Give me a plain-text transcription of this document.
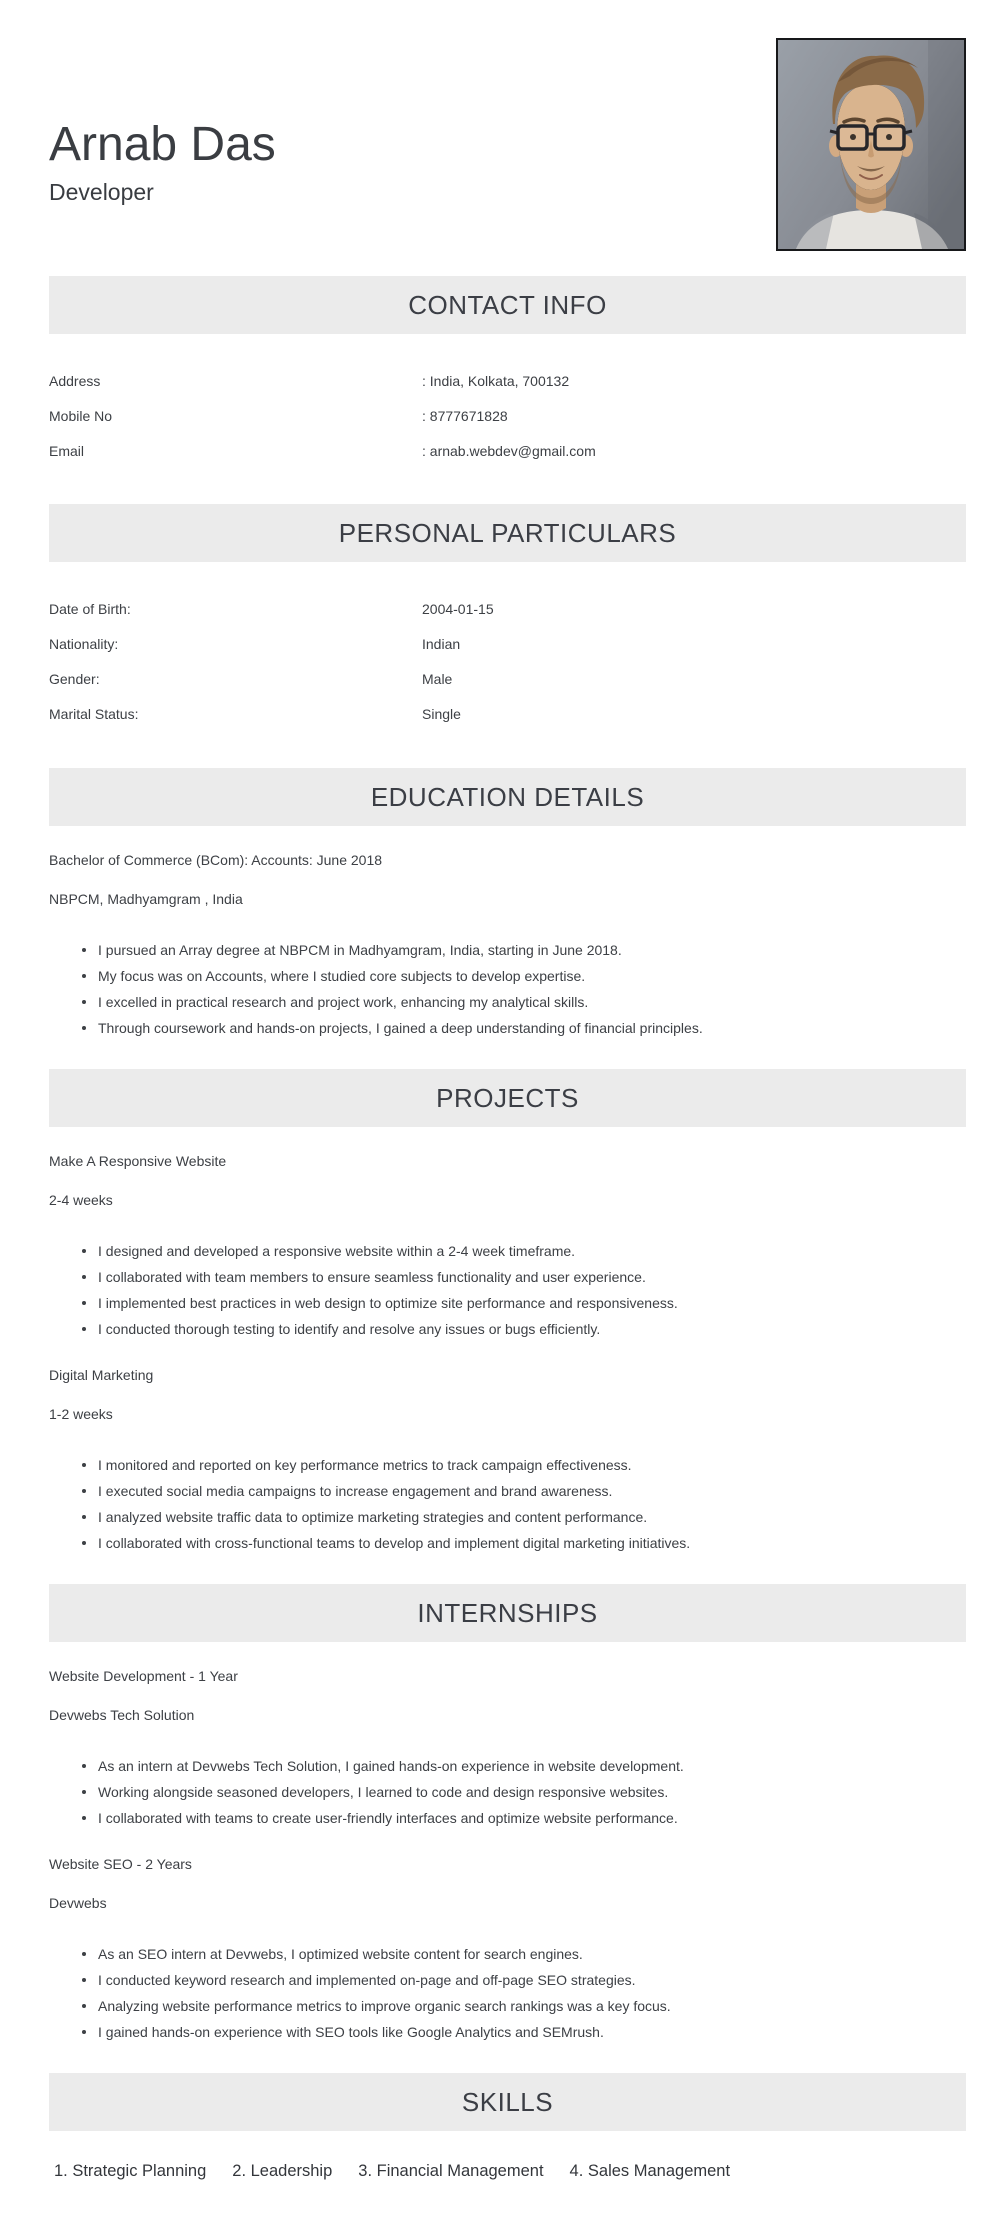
Arnab Das
Developer
CONTACT INFO
Address	: India, Kolkata, 700132
Mobile No	: 8777671828
Email	: arnab.webdev@gmail.com
PERSONAL PARTICULARS
Date of Birth:	2004-01-15
Nationality:	Indian
Gender:	Male
Marital Status:	Single
EDUCATION DETAILS

Bachelor of Commerce (BCom): Accounts: June 2018

NBPCM, Madhyamgram , India

I pursued an Array degree at NBPCM in Madhyamgram, India, starting in June 2018.
My focus was on Accounts, where I studied core subjects to develop expertise.
I excelled in practical research and project work, enhancing my analytical skills.
Through coursework and hands-on projects, I gained a deep understanding of financial principles.
PROJECTS

Make A Responsive Website

2-4 weeks

I designed and developed a responsive website within a 2-4 week timeframe.
I collaborated with team members to ensure seamless functionality and user experience.
I implemented best practices in web design to optimize site performance and responsiveness.
I conducted thorough testing to identify and resolve any issues or bugs efficiently.

Digital Marketing

1-2 weeks

I monitored and reported on key performance metrics to track campaign effectiveness.
I executed social media campaigns to increase engagement and brand awareness.
I analyzed website traffic data to optimize marketing strategies and content performance.
I collaborated with cross-functional teams to develop and implement digital marketing initiatives.
INTERNSHIPS

Website Development - 1 Year

Devwebs Tech Solution

As an intern at Devwebs Tech Solution, I gained hands-on experience in website development.
Working alongside seasoned developers, I learned to code and design responsive websites.
I collaborated with teams to create user-friendly interfaces and optimize website performance.

Website SEO - 2 Years

Devwebs

As an SEO intern at Devwebs, I optimized website content for search engines.
I conducted keyword research and implemented on-page and off-page SEO strategies.
Analyzing website performance metrics to improve organic search rankings was a key focus.
I gained hands-on experience with SEO tools like Google Analytics and SEMrush.
SKILLS
1. Strategic Planning 2. Leadership 3. Financial Management 4. Sales Management
